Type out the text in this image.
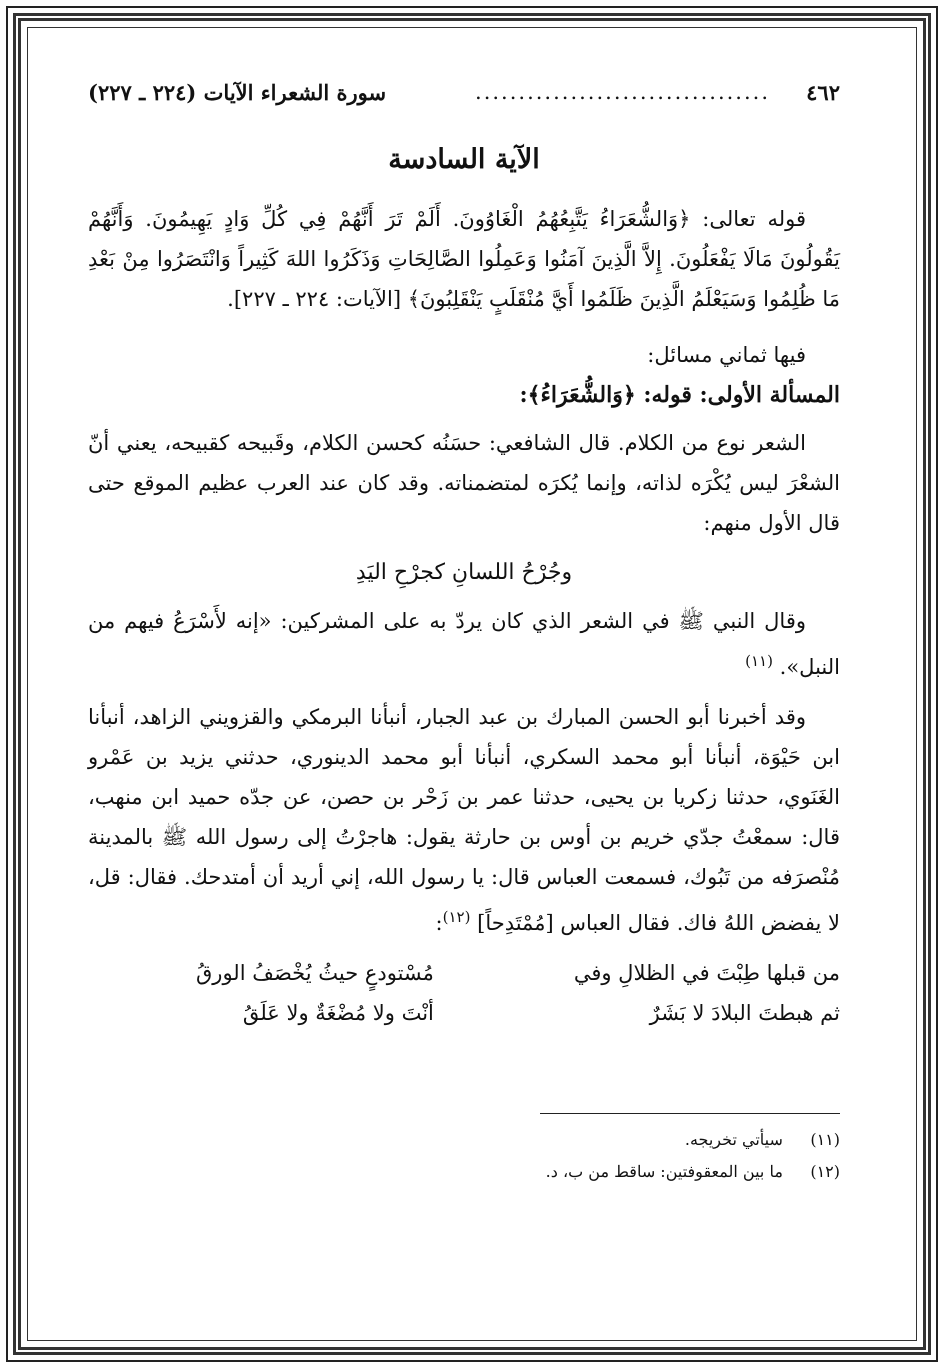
٤٦٢
..................................
سورة الشعراء الآيات (٢٢٤ ـ ٢٢٧)
الآية السادسة

قوله تعالى: ﴿وَالشُّعَرَاءُ يَتَّبِعُهُمُ الْغَاوُونَ. أَلَمْ تَرَ أَنَّهُمْ فِي كُلِّ وَادٍ يَهِيمُونَ. وَأَنَّهُمْ يَقُولُونَ مَالَا يَفْعَلُونَ. إِلاَّ الَّذِينَ آمَنُوا وَعَمِلُوا الصَّالِحَاتِ وَذَكَرُوا اللهَ كَثِيراً وَانْتَصَرُوا مِنْ بَعْدِ مَا ظُلِمُوا وَسَيَعْلَمُ الَّذِينَ ظَلَمُوا أَيَّ مُنْقَلَبٍ يَنْقَلِبُونَ﴾ [الآيات: ٢٢٤ ـ ٢٢٧].

فيها ثماني مسائل:

المسألة الأولى: قوله: ﴿وَالشُّعَرَاءُ﴾:

الشعر نوع من الكلام. قال الشافعي: حسَنُه كحسن الكلام، وقَبيحه كقبيحه، يعني أنّ الشعْرَ ليس يُكْرَه لذاته، وإنما يُكرَه لمتضمناته. وقد كان عند العرب عظيم الموقع حتى قال الأول منهم:

وجُرْحُ اللسانِ كجرْحِ اليَدِ

وقال النبي ﷺ في الشعر الذي كان يردّ به على المشركين: «إنه لأَسْرَعُ فيهم من النبل». $^{(١١)}$

وقد أخبرنا أبو الحسن المبارك بن عبد الجبار، أنبأنا البرمكي والقزويني الزاهد، أنبأنا ابن حَيْوَة، أنبأنا أبو محمد السكري، أنبأنا أبو محمد الدينوري، حدثني يزيد بن عَمْرو الغَنَوي، حدثنا زكريا بن يحيى، حدثنا عمر بن زَحْر بن حصن، عن جدّه حميد ابن منهب، قال: سمعْتُ جدّي خريم بن أوس بن حارثة يقول: هاجرْتُ إلى رسول الله ﷺ بالمدينة مُنْصرَفه من تَبُوك، فسمعت العباس قال: يا رسول الله، إني أريد أن أمتدحك. فقال: قل، لا يفضض اللهُ فاك. فقال العباس [مُمْتَدِحاً] $^{(١٢)}$:

من قبلها طِبْتَ في الظلالِ وفي
مُسْتودعٍ حيثُ يُخْصَفُ الورقُ
ثم هبطتَ البلادَ لا بَشَرٌ
أنْتَ ولا مُضْغَةٌ ولا عَلَقُ

(١١) سيأتي تخريجه.

(١٢) ما بين المعقوفتين: ساقط من ب، د.
